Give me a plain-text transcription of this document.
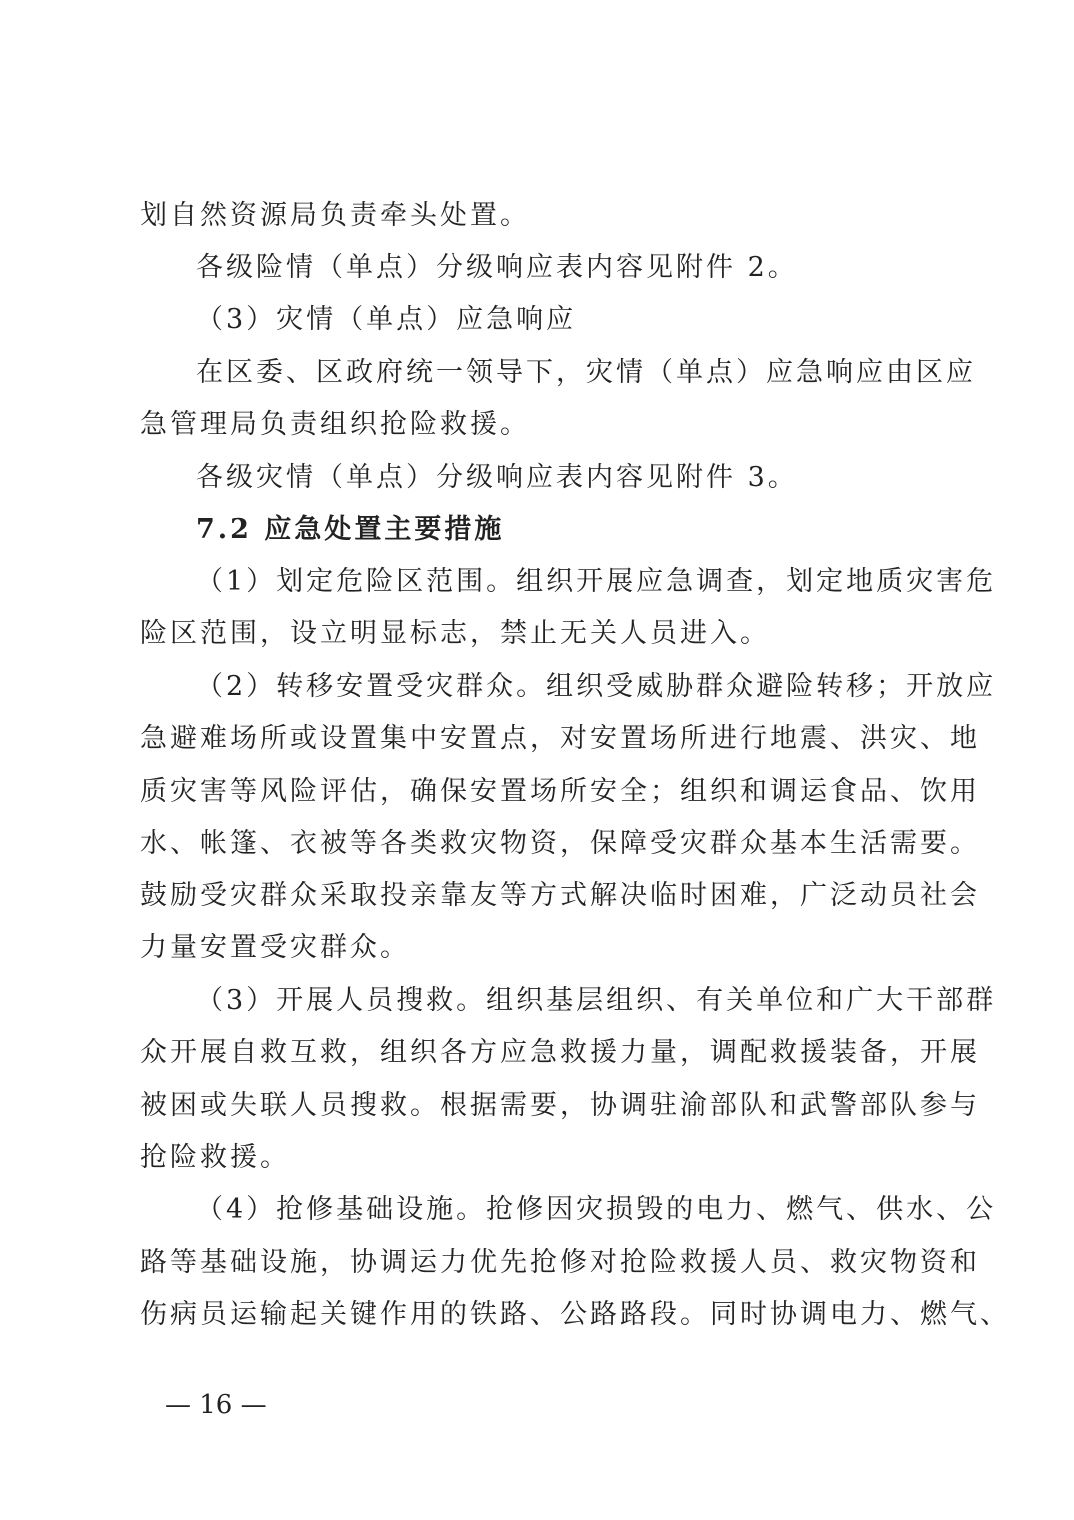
划自然资源局负责牵头处置。
各级险情（单点）分级响应表内容见附件 2。
（3）灾情（单点）应急响应
在区委、区政府统一领导下，灾情（单点）应急响应由区应
急管理局负责组织抢险救援。
各级灾情（单点）分级响应表内容见附件 3。
7.2 应急处置主要措施
（1）划定危险区范围。组织开展应急调查，划定地质灾害危
险区范围，设立明显标志，禁止无关人员进入。
（2）转移安置受灾群众。组织受威胁群众避险转移；开放应
急避难场所或设置集中安置点，对安置场所进行地震、洪灾、地
质灾害等风险评估，确保安置场所安全；组织和调运食品、饮用
水、帐篷、衣被等各类救灾物资，保障受灾群众基本生活需要。
鼓励受灾群众采取投亲靠友等方式解决临时困难，广泛动员社会
力量安置受灾群众。
（3）开展人员搜救。组织基层组织、有关单位和广大干部群
众开展自救互救，组织各方应急救援力量，调配救援装备，开展
被困或失联人员搜救。根据需要，协调驻渝部队和武警部队参与
抢险救援。
（4）抢修基础设施。抢修因灾损毁的电力、燃气、供水、公
路等基础设施，协调运力优先抢修对抢险救援人员、救灾物资和
伤病员运输起关键作用的铁路、公路路段。同时协调电力、燃气、
— 16 —
